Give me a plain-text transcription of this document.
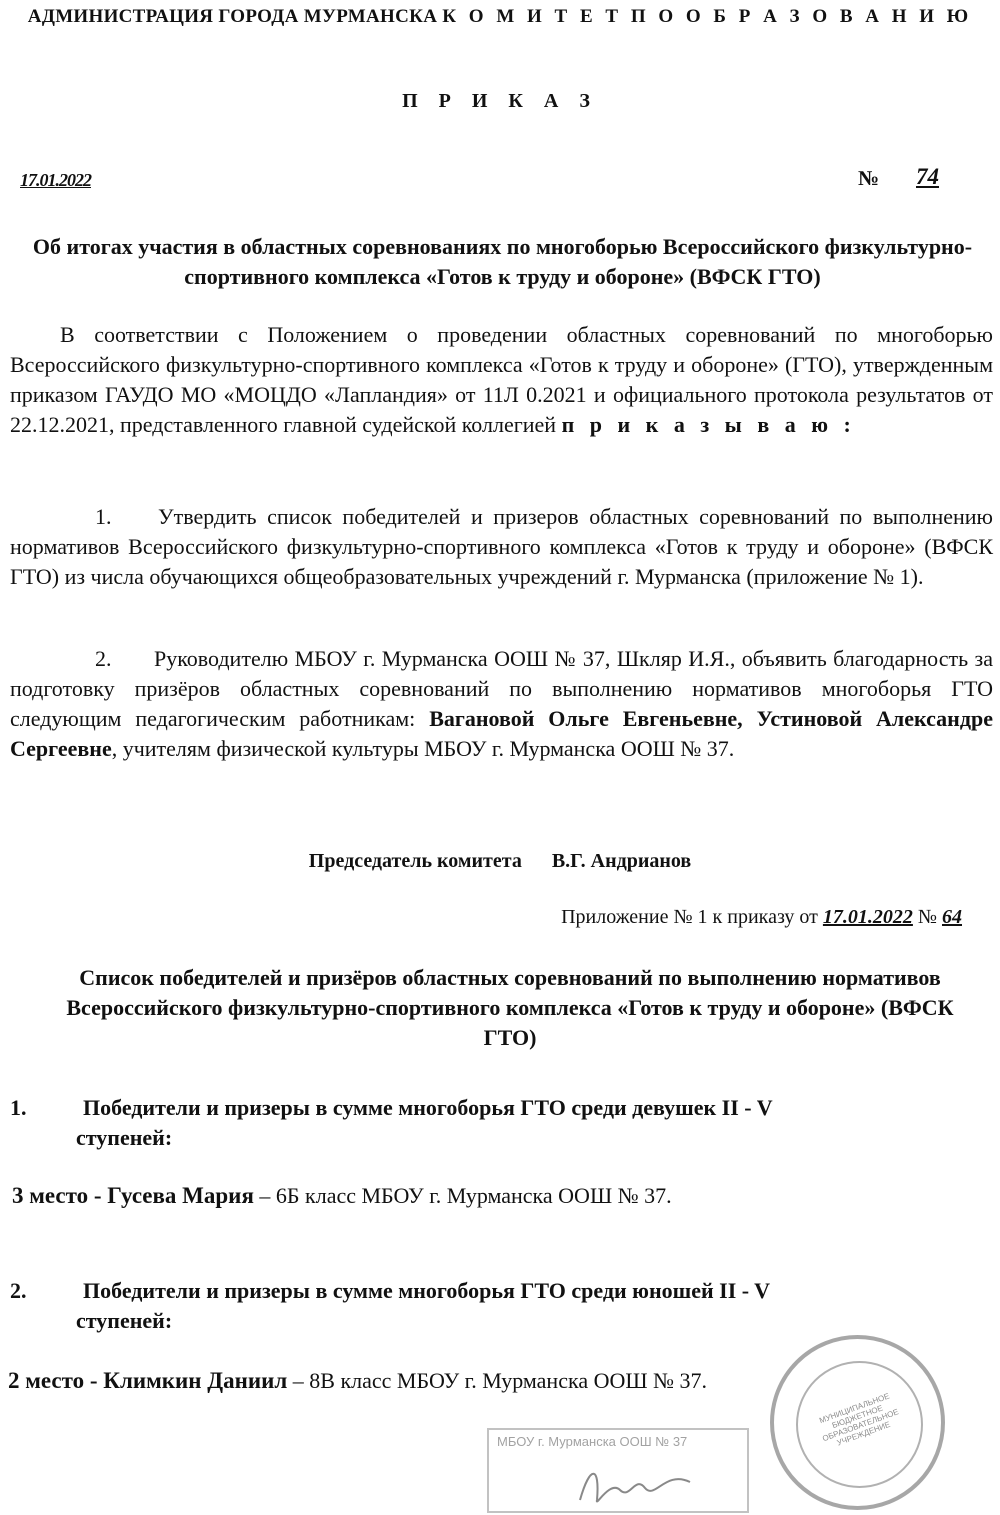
АДМИНИСТРАЦИЯ ГОРОДА МУРМАНСКА К О М И Т Е Т П О О Б Р А З О В А Н И Ю
П Р И К А З
17.01.2022	№ 74
Об итогах участия в областных соревнованиях по многоборью Всероссийского физкультурно-спортивного комплекса «Готов к труду и обороне» (ВФСК ГТО)
В соответствии с Положением о проведении областных соревнований по многоборью Всероссийского физкультурно-спортивного комплекса «Готов к труду и обороне» (ГТО), утвержденным приказом ГАУДО МО «МОЦДО «Лапландия» от 11Л 0.2021 и официального протокола результатов от 22.12.2021, представленного главной судейской коллегией п р и к а з ы в а ю :
1. Утвердить список победителей и призеров областных соревнований по выполнению нормативов Всероссийского физкультурно-спортивного комплекса «Готов к труду и обороне» (ВФСК ГТО) из числа обучающихся общеобразовательных учреждений г. Мурманска (приложение № 1).
2. Руководителю МБОУ г. Мурманска ООШ № 37, Шкляр И.Я., объявить благодарность за подготовку призёров областных соревнований по выполнению нормативов многоборья ГТО следующим педагогическим работникам: Вагановой Ольге Евгеньевне, Устиновой Александре Сергеевне, учителям физической культуры МБОУ г. Мурманска ООШ № 37.
Председатель комитета В.Г. Андрианов
Приложение № 1 к приказу от 17.01.2022 № 64
Список победителей и призёров областных соревнований по выполнению нормативов Всероссийского физкультурно-спортивного комплекса «Готов к труду и обороне» (ВФСК ГТО)
1.	Победители и призеры в сумме многоборья ГТО среди девушек II - V
ступеней:
3 место - Гусева Мария – 6Б класс МБОУ г. Мурманска ООШ № 37.
2.	Победители и призеры в сумме многоборья ГТО среди юношей II - V
ступеней:
2 место - Климкин Даниил – 8В класс МБОУ г. Мурманска ООШ № 37.
МБОУ г. Мурманска ООШ № 37
МУНИЦИПАЛЬНОЕ БЮДЖЕТНОЕ ОБРАЗОВАТЕЛЬНОЕ УЧРЕЖДЕНИЕ
